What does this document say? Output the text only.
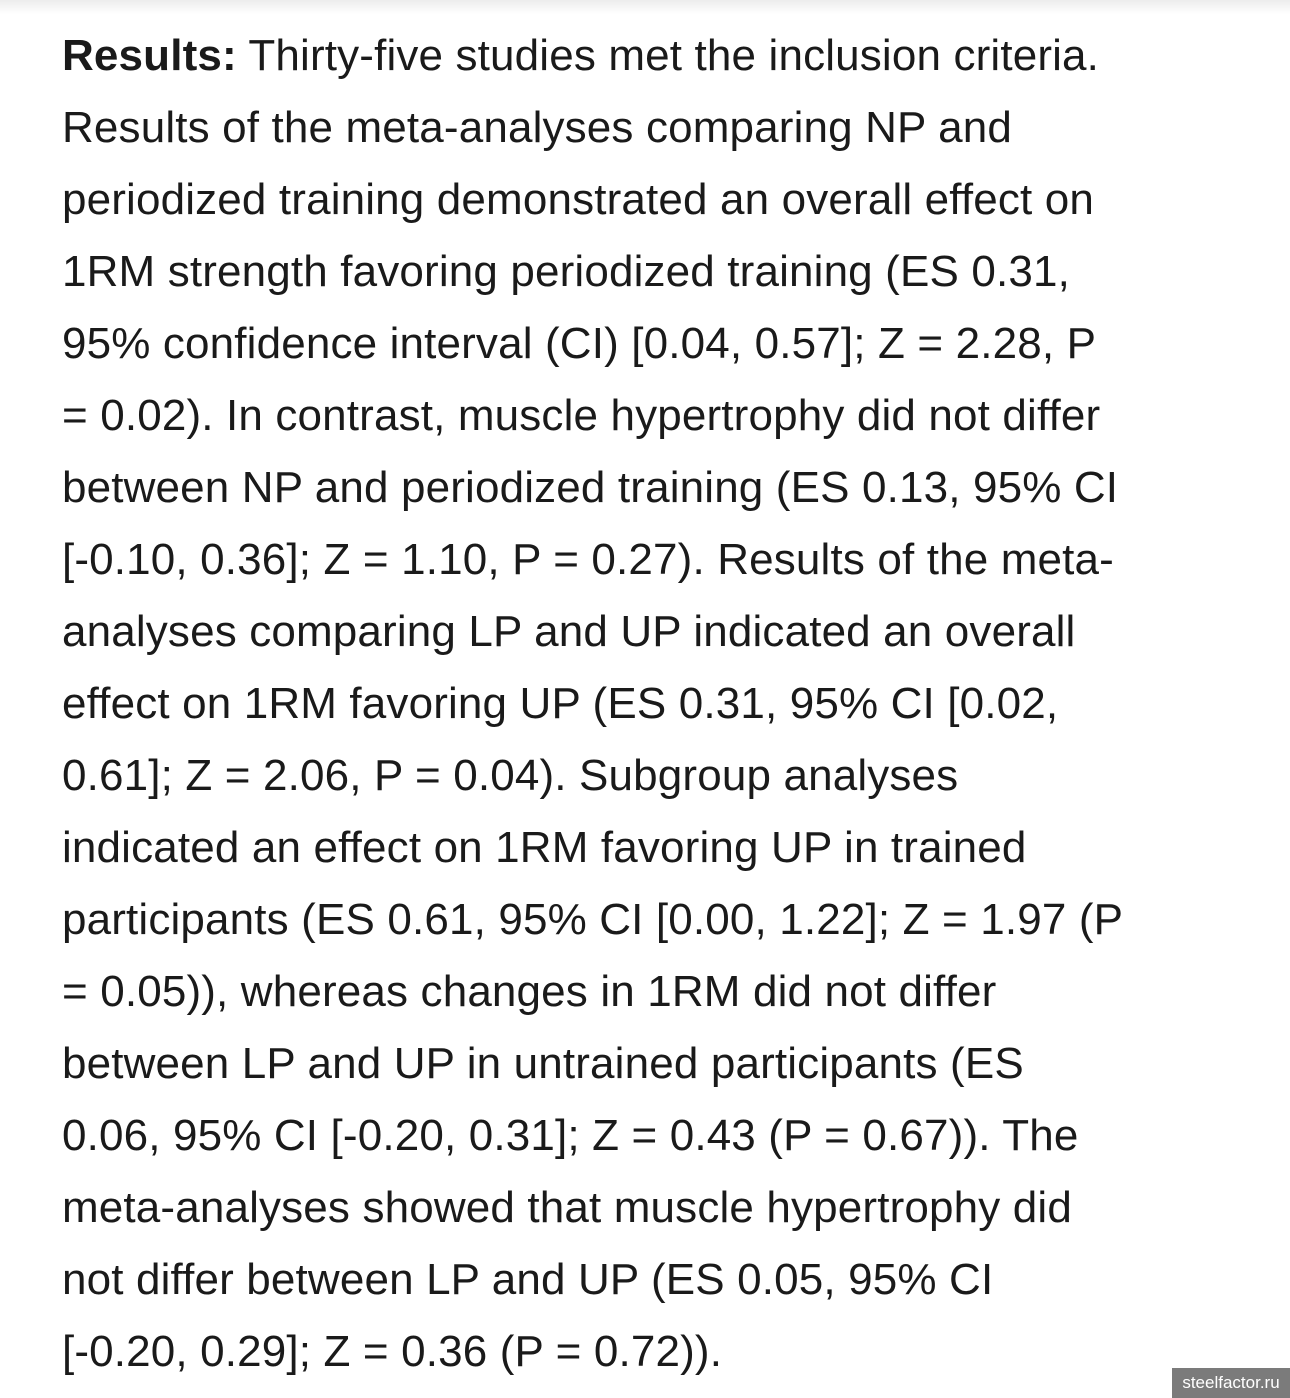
Results: Thirty-five studies met the inclusion criteria.
Results of the meta-analyses comparing NP and
periodized training demonstrated an overall effect on
1RM strength favoring periodized training (ES 0.31,
95% confidence interval (CI) [0.04, 0.57]; Z = 2.28, P
= 0.02). In contrast, muscle hypertrophy did not differ
between NP and periodized training (ES 0.13, 95% CI
[-0.10, 0.36]; Z = 1.10, P = 0.27). Results of the meta-
analyses comparing LP and UP indicated an overall
effect on 1RM favoring UP (ES 0.31, 95% CI [0.02,
0.61]; Z = 2.06, P = 0.04). Subgroup analyses
indicated an effect on 1RM favoring UP in trained
participants (ES 0.61, 95% CI [0.00, 1.22]; Z = 1.97 (P
= 0.05)), whereas changes in 1RM did not differ
between LP and UP in untrained participants (ES
0.06, 95% CI [-0.20, 0.31]; Z = 0.43 (P = 0.67)). The
meta-analyses showed that muscle hypertrophy did
not differ between LP and UP (ES 0.05, 95% CI
[-0.20, 0.29]; Z = 0.36 (P = 0.72)).
steelfactor.ru
